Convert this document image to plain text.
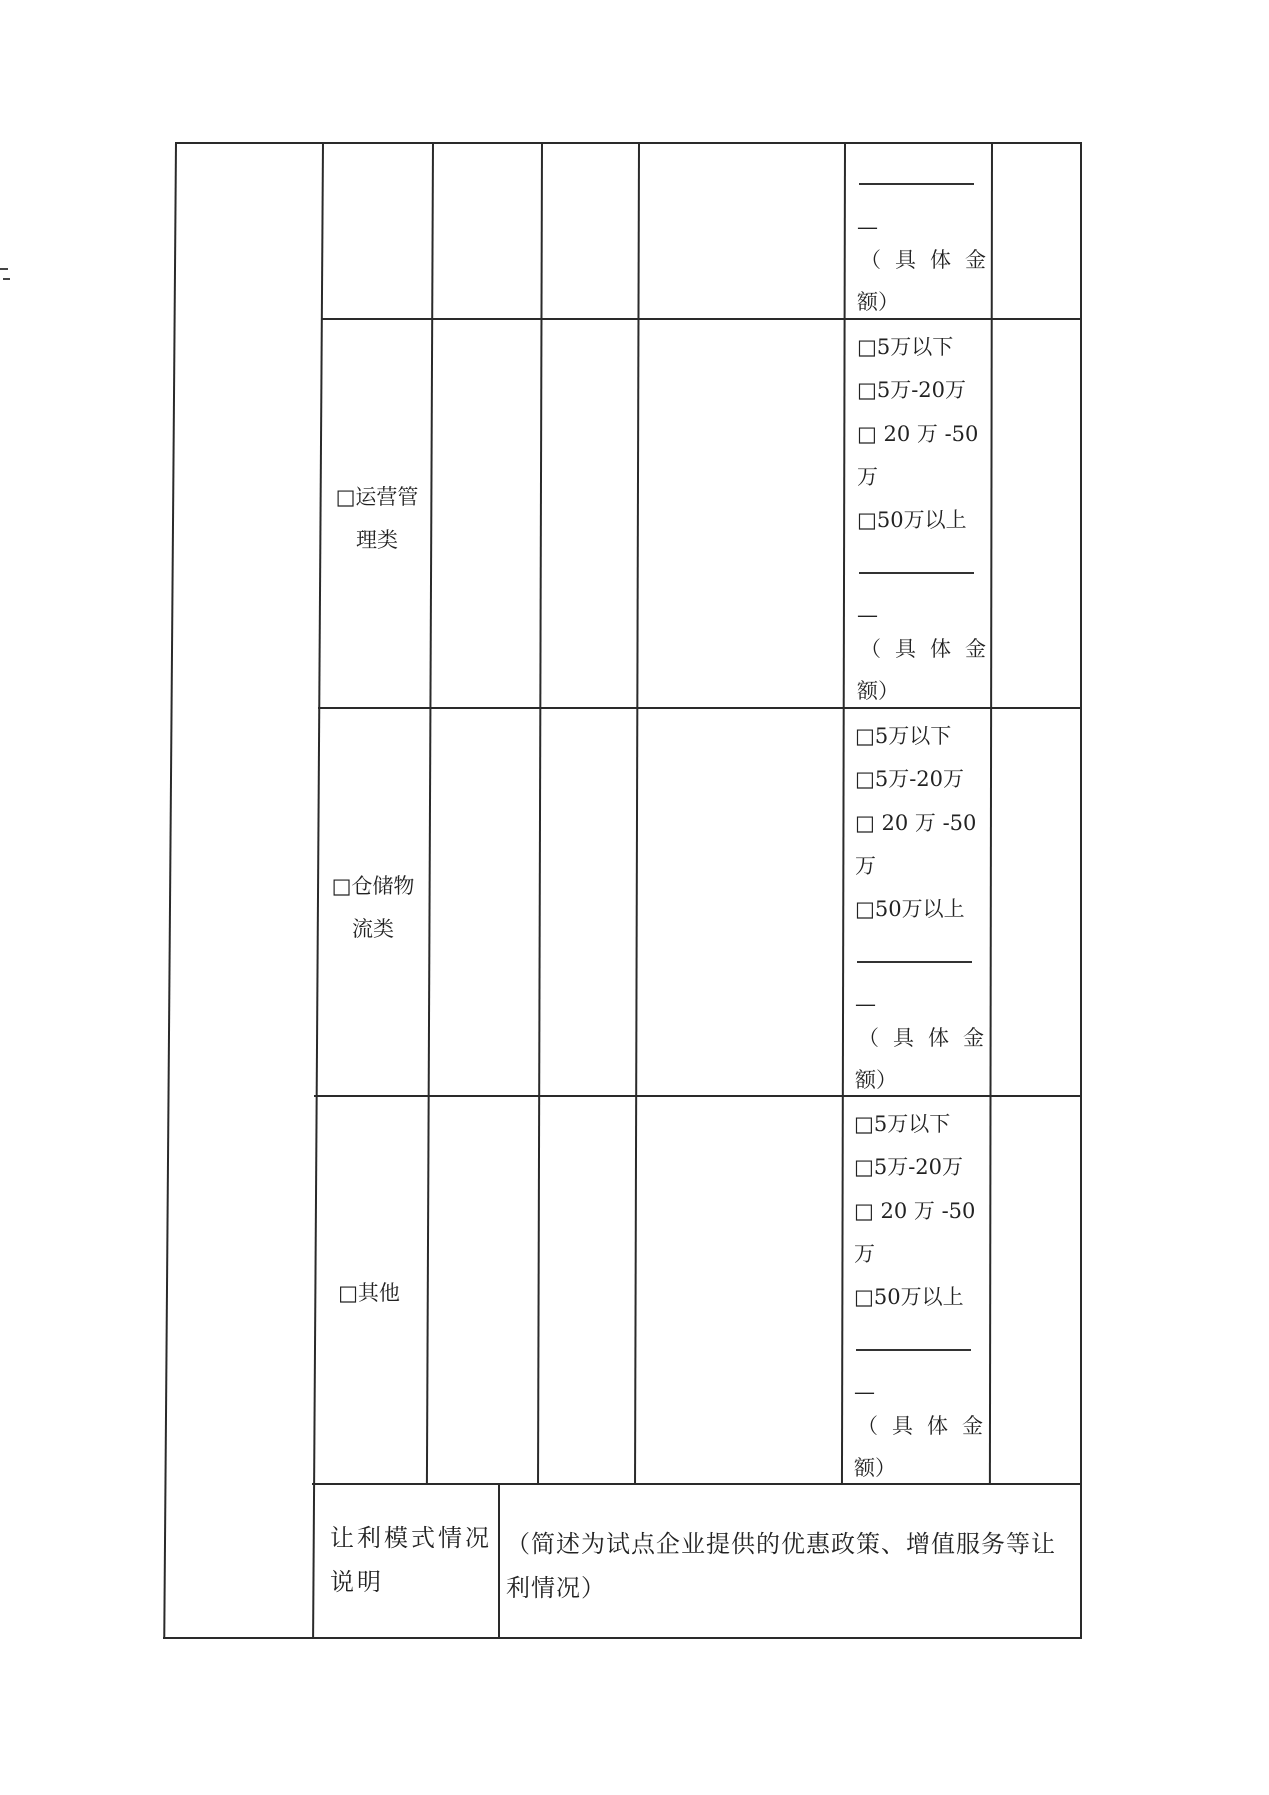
—
（具体金
额）
□运营管
理类
□5万以下
□5万-20万
□ 20 万 -50
万
□50万以上
—
（具体金
额）
□仓储物
流类
□5万以下
□5万-20万
□ 20 万 -50
万
□50万以上
—
（具体金
额）
□其他
□5万以下
□5万-20万
□ 20 万 -50
万
□50万以上
—
（具体金
额）
让利模式情况
说明
（简述为试点企业提供的优惠政策、增值服务等让
利情况）
